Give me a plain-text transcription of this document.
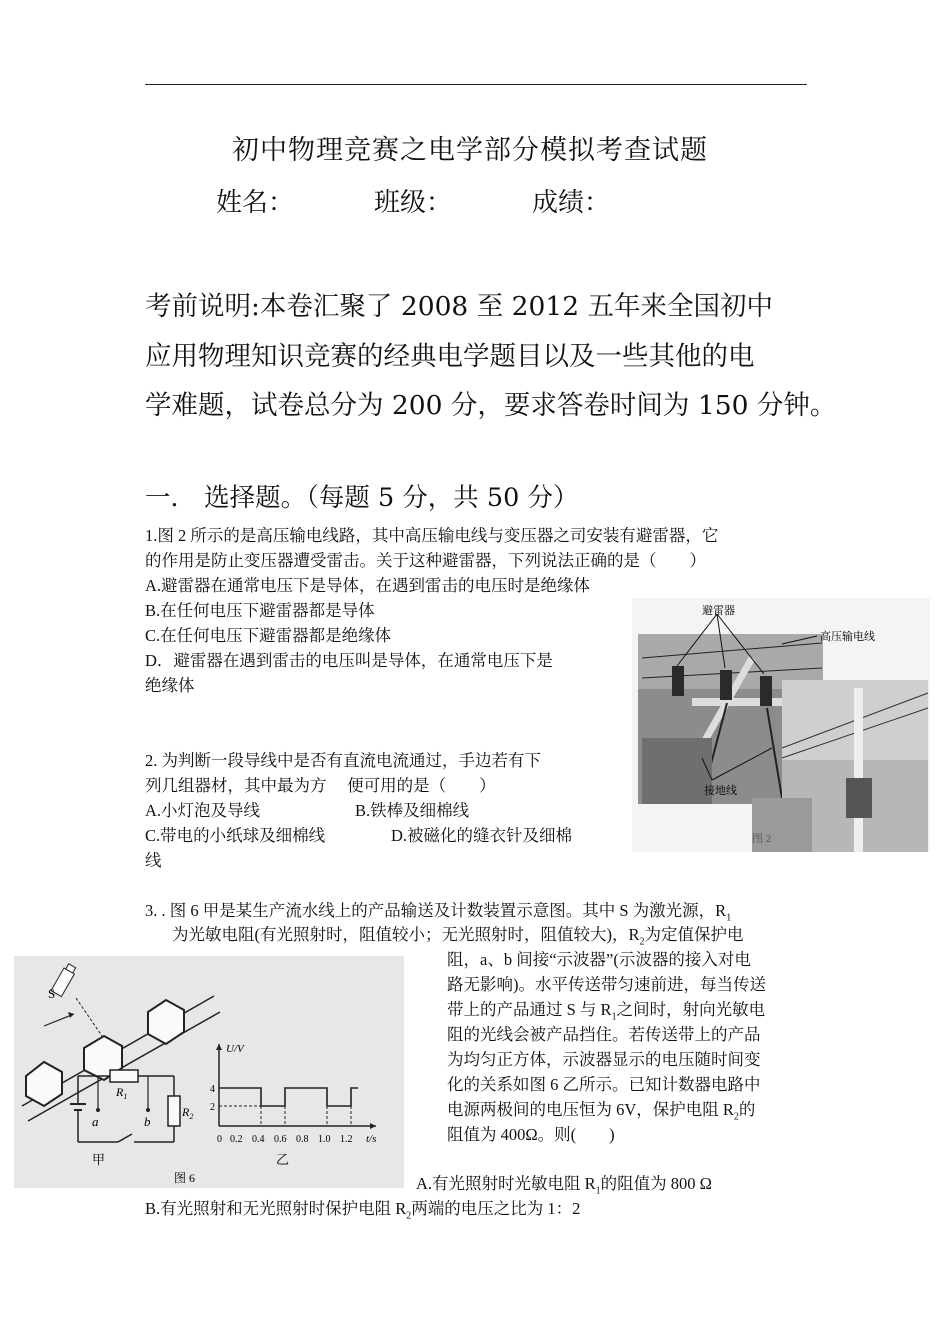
初中物理竞赛之电学部分模拟考查试题
姓名：	班级：	成绩：
考前说明:本卷汇聚了 2008 至 2012 五年来全国初中
应用物理知识竞赛的经典电学题目以及一些其他的电
学难题，试卷总分为 200 分，要求答卷时间为 150 分钟。
一． 选择题。（每题 5 分，共 50 分）
1.图 2 所示的是高压输电线路，其中高压输电线与变压器之司安装有避雷器，它
的作用是防止变压器遭受雷击。关于这种避雷器，下列说法正确的是（　　）
A.避雷器在通常电压下是导体，在遇到雷击的电压时是绝缘体
B.在任何电压下避雷器都是导体
C.在任何电压下避雷器都是绝缘体
D．避雷器在遇到雷击的电压叫是导体，在通常电压下是
绝缘体
避雷器
高压输电线
接地线
图 2
2. 为判断一段导线中是否有直流电流通过，手边若有下
列几组器材，其中最为方　 便可用的是（　　）
A.小灯泡及导线	B.铁棒及细棉线
C.带电的小纸球及细棉线	D.被磁化的缝衣针及细棉
线
3. . 图 6 甲是某生产流水线上的产品输送及计数装置示意图。其中 S 为激光源，$R_1$
为光敏电阻(有光照射时，阻值较小；无光照射时，阻值较大)，$R_2$为定值保护电
阻，a、b 间接“示波器”(示波器的接入对电
路无影响)。水平传送带匀速前进，每当传送
带上的产品通过 S 与 $R_1$之间时，射向光敏电
阻的光线会被产品挡住。若传送带上的产品
为均匀正方体，示波器显示的电压随时间变
化的关系如图 6 乙所示。已知计数器电路中
电源两极间的电压恒为 6V，保护电阻 $R_2$的
阻值为 400Ω。则(　　)
A.有光照射时光敏电阻 $R_1$的阻值为 800 Ω
B.有光照射和无光照射时保护电阻 $R_2$两端的电压之比为 1：2
S
$R_1$
$R_2$
a	b
甲
图 6
U/V
t/s
4
2
0 0.2 0.4 0.6 0.8 1.0 1.2
乙
